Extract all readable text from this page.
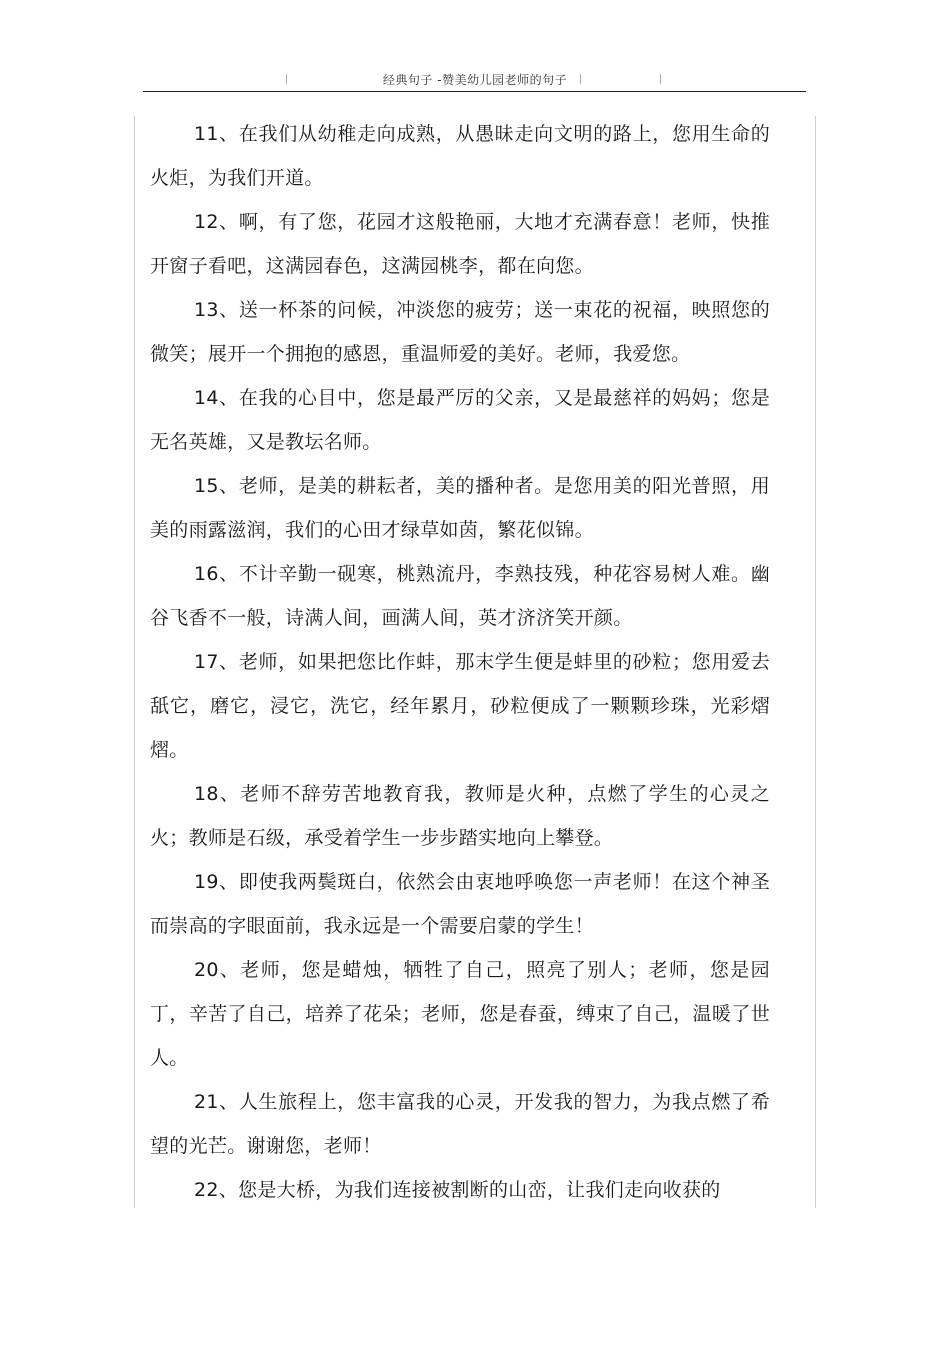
经典句子 -赞美幼儿园老师的句子

11、在我们从幼稚走向成熟，从愚昧走向文明的路上，您用生命的火炬，为我们开道。

12、啊，有了您，花园才这般艳丽，大地才充满春意！老师，快推开窗子看吧，这满园春色，这满园桃李，都在向您。

13、送一杯茶的问候，冲淡您的疲劳；送一束花的祝福，映照您的微笑；展开一个拥抱的感恩，重温师爱的美好。老师，我爱您。

14、在我的心目中，您是最严厉的父亲，又是最慈祥的妈妈；您是无名英雄，又是教坛名师。

15、老师，是美的耕耘者，美的播种者。是您用美的阳光普照，用美的雨露滋润，我们的心田才绿草如茵，繁花似锦。

16、不计辛勤一砚寒，桃熟流丹，李熟技残，种花容易树人难。幽谷飞香不一般，诗满人间，画满人间，英才济济笑开颜。

17、老师，如果把您比作蚌，那末学生便是蚌里的砂粒；您用爱去舐它，磨它，浸它，洗它，经年累月，砂粒便成了一颗颗珍珠，光彩熠熠。

18、老师不辞劳苦地教育我，教师是火种，点燃了学生的心灵之火；教师是石级，承受着学生一步步踏实地向上攀登。

19、即使我两鬓斑白，依然会由衷地呼唤您一声老师！在这个神圣而崇高的字眼面前，我永远是一个需要启蒙的学生！

20、老师，您是蜡烛，牺牲了自己，照亮了别人；老师，您是园丁，辛苦了自己，培养了花朵；老师，您是春蚕，缚束了自己，温暖了世人。

21、人生旅程上，您丰富我的心灵，开发我的智力，为我点燃了希望的光芒。谢谢您，老师！

22、您是大桥，为我们连接被割断的山峦，让我们走向收获的
